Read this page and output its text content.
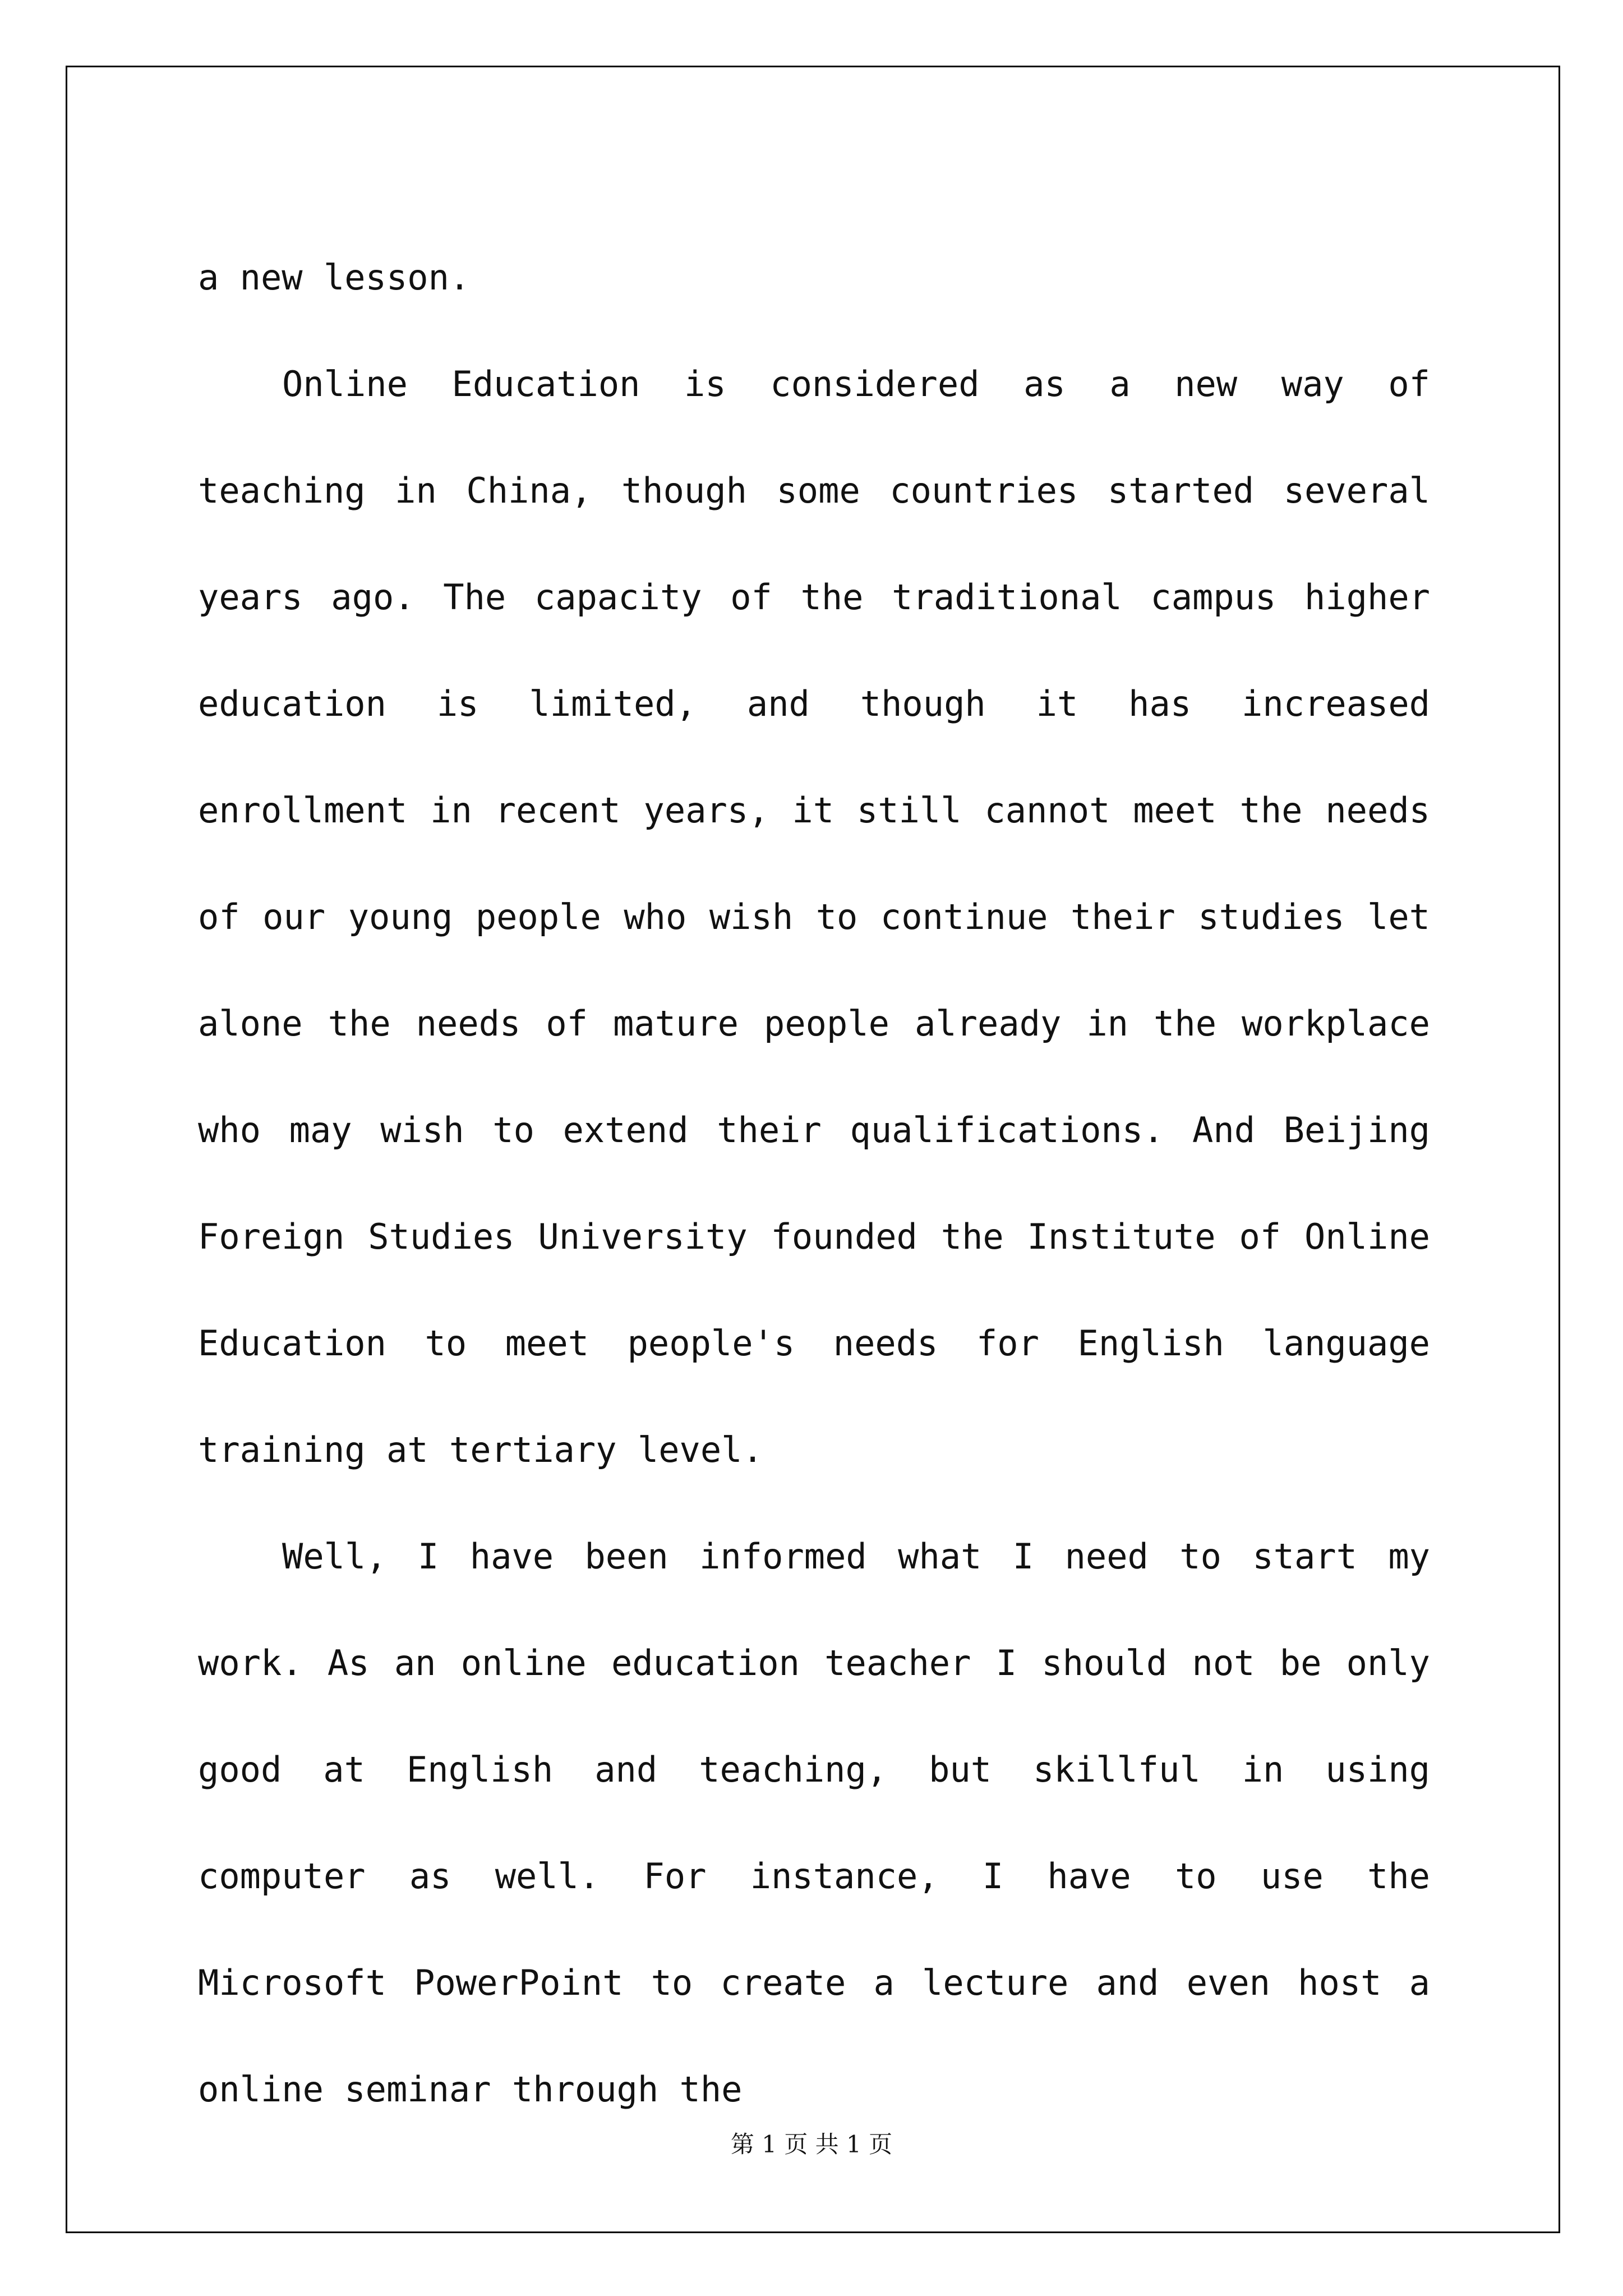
a new lesson.

Online Education is considered as a new way of teaching in China, though some countries started several years ago. The capacity of the traditional campus higher education is limited, and though it has increased enrollment in recent years, it still cannot meet the needs of our young people who wish to continue their studies let alone the needs of mature people already in the workplace who may wish to extend their qualifications. And Beijing Foreign Studies University founded the Institute of Online Education to meet people's needs for English language training at tertiary level.

Well, I have been informed what I need to start my work. As an online education teacher I should not be only good at English and teaching, but skillful in using computer as well. For instance, I have to use the Microsoft PowerPoint to create a lecture and even host a online seminar through the

第 1 页 共 1 页
